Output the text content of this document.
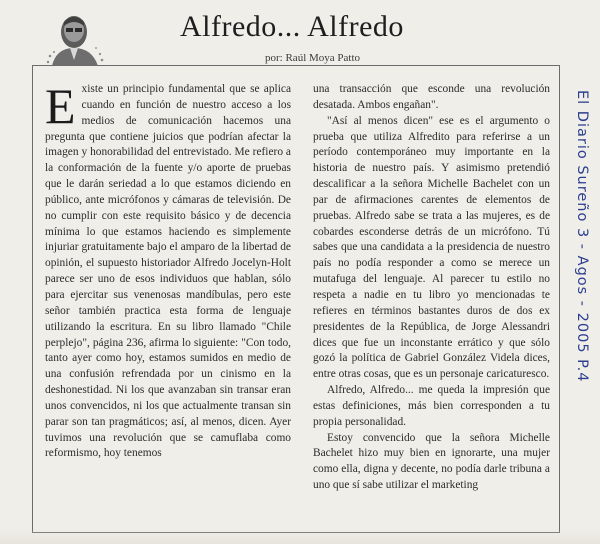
Alfredo... Alfredo
por: Raúl Moya Patto
E xiste un principio fundamental que se aplica cuando en función de nuestro acceso a los medios de comunicación hacemos una pregunta que contiene juicios que podrían afectar la imagen y honorabilidad del entrevistado. Me refiero a la conformación de la fuente y/o aporte de pruebas que le darán seriedad a lo que estamos diciendo en público, ante micrófonos y cámaras de televisión. De no cumplir con este requisito básico y de decencia mínima lo que estamos haciendo es simplemente injuriar gratuitamente bajo el amparo de la libertad de opinión, el supuesto historiador Alfredo Jocelyn-Holt parece ser uno de esos individuos que hablan, sólo para ejercitar sus venenosas mandíbulas, pero este señor también practica esta forma de lenguaje utilizando la escritura. En su libro llamado "Chile perplejo", página 236, afirma lo siguiente: "Con todo, tanto ayer como hoy, estamos sumidos en medio de una confusión refrendada por un cinismo en la deshonestidad. Ni los que avanzaban sin transar eran unos convencidos, ni los que actualmente transan sin parar son tan pragmáticos; así, al menos, dicen. Ayer tuvimos una revolución que se camuflaba como reformismo, hoy tenemos

una transacción que esconde una revolución desatada. Ambos engañan".

"Así al menos dicen" ese es el argumento o prueba que utiliza Alfredito para referirse a un período contemporáneo muy importante en la historia de nuestro país. Y asimismo pretendió descalificar a la señora Michelle Bachelet con un par de afirmaciones carentes de elementos de pruebas. Alfredo sabe se trata a las mujeres, es de cobardes esconderse detrás de un micrófono. Tú sabes que una candidata a la presidencia de nuestro país no podía responder a como se merece un mutafuga del lenguaje. Al parecer tu estilo no respeta a nadie en tu libro yo mencionadas te refieres en términos bastantes duros de dos ex presidentes de la República, de Jorge Alessandri dices que fue un inconstante errático y que sólo gozó la política de Gabriel González Videla dices, entre otras cosas, que es un personaje caricaturesco.

Alfredo, Alfredo... me queda la impresión que estas definiciones, más bien corresponden a tu propia personalidad.

Estoy convencido que la señora Michelle Bachelet hizo muy bien en ignorarte, una mujer como ella, digna y decente, no podía darle tribuna a uno que sí sabe utilizar el marketing

El Diario Sureño 3 - Agos - 2005 P.4
